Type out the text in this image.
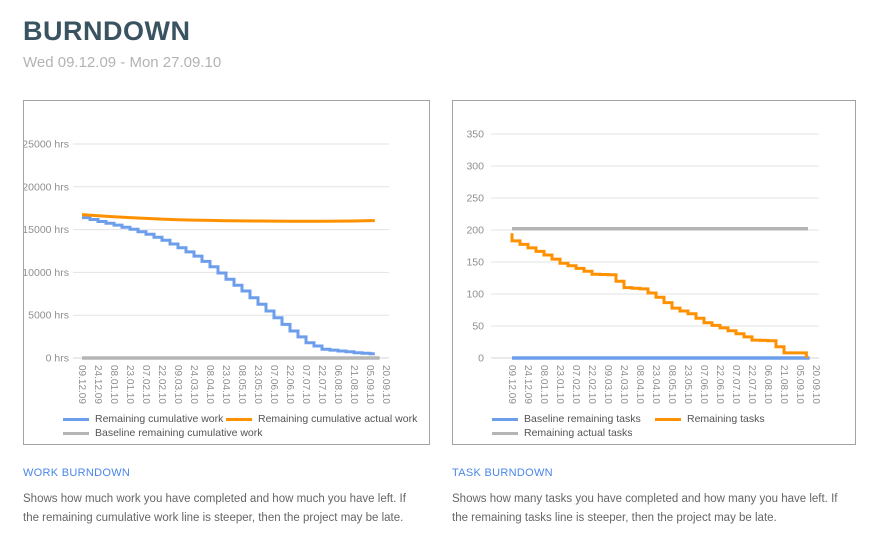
BURNDOWN
Wed 09.12.09 - Mon 27.09.10
0 hrs
5000 hrs
10000 hrs
15000 hrs
20000 hrs
25000 hrs
09.12.09 24.12.09 08.01.10 23.01.10 07.02.10 22.02.10 09.03.10 24.03.10 08.04.10 23.04.10 08.05.10 23.05.10 07.06.10 22.06.10 07.07.10 22.07.10 06.08.10 21.08.10 05.09.10 20.09.10
Remaining cumulative work	Remaining cumulative actual work
Baseline remaining cumulative work
0
50
100
150
200
250
300
350
09.12.09 24.12.09 08.01.10 23.01.10 07.02.10 22.02.10 09.03.10 24.03.10 08.04.10 23.04.10 08.05.10 23.05.10 07.06.10 22.06.10 07.07.10 22.07.10 06.08.10 21.08.10 05.09.10 20.09.10
Baseline remaining tasks	Remaining tasks
Remaining actual tasks
WORK BURNDOWN

Shows how much work you have completed and how much you have left. If the remaining cumulative work line is steeper, then the project may be late.

TASK BURNDOWN

Shows how many tasks you have completed and how many you have left. If the remaining tasks line is steeper, then the project may be late.
